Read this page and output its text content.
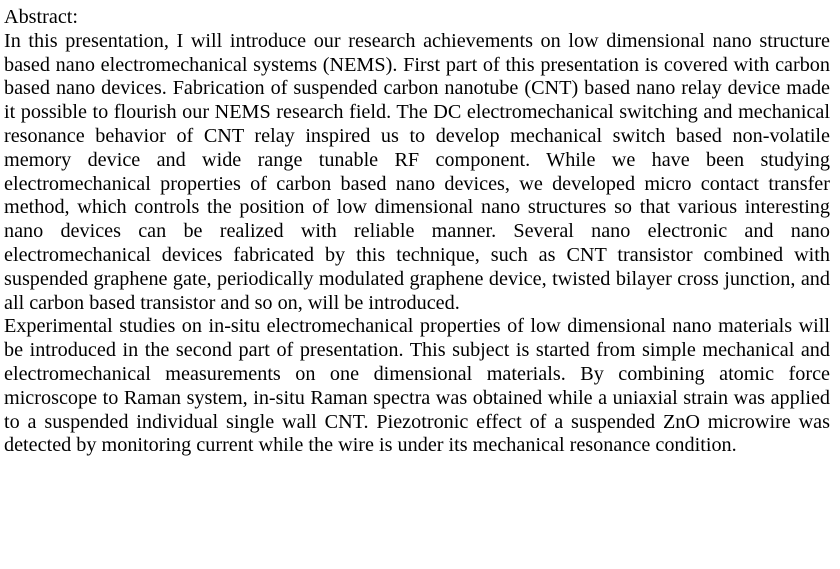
Abstract:

In this presentation, I will introduce our research achievements on low dimensional nano structure based nano electromechanical systems (NEMS). First part of this presentation is covered with carbon based nano devices. Fabrication of suspended carbon nanotube (CNT) based nano relay device made it possible to flourish our NEMS research field. The DC electromechanical switching and mechanical resonance behavior of CNT relay inspired us to develop mechanical switch based non-volatile memory device and wide range tunable RF component. While we have been studying electromechanical properties of carbon based nano devices, we developed micro contact transfer method, which controls the position of low dimensional nano structures so that various interesting nano devices can be realized with reliable manner. Several nano electronic and nano electromechanical devices fabricated by this technique, such as CNT transistor combined with suspended graphene gate, periodically modulated graphene device, twisted bilayer cross junction, and all carbon based transistor and so on, will be introduced.

Experimental studies on in-situ electromechanical properties of low dimensional nano materials will be introduced in the second part of presentation. This subject is started from simple mechanical and electromechanical measurements on one dimensional materials. By combining atomic force microscope to Raman system, in-situ Raman spectra was obtained while a uniaxial strain was applied to a suspended individual single wall CNT. Piezotronic effect of a suspended ZnO microwire was detected by monitoring current while the wire is under its mechanical resonance condition.
